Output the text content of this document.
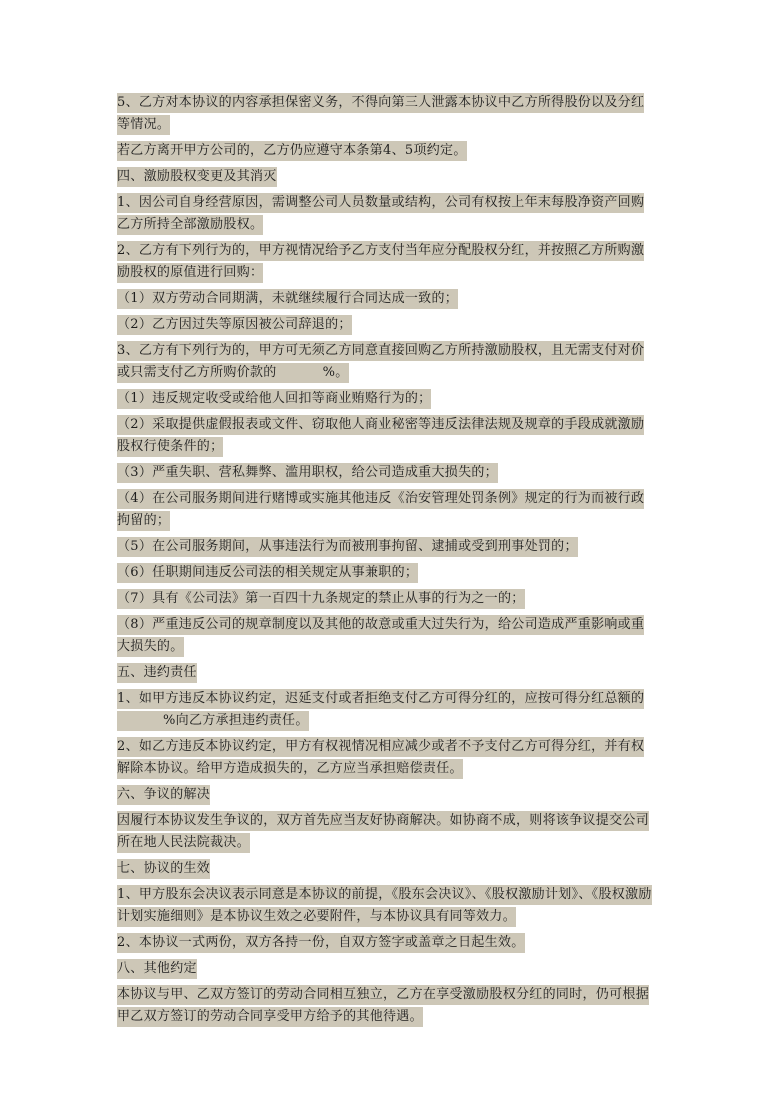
5、乙方对本协议的内容承担保密义务，不得向第三人泄露本协议中乙方所得股份以及分红等情况。

若乙方离开甲方公司的，乙方仍应遵守本条第4、5项约定。

四、激励股权变更及其消灭

1、因公司自身经营原因，需调整公司人员数量或结构，公司有权按上年末每股净资产回购乙方所持全部激励股权。

2、乙方有下列行为的，甲方视情况给予乙方支付当年应分配股权分红，并按照乙方所购激励股权的原值进行回购：

（1）双方劳动合同期满，未就继续履行合同达成一致的；

（2）乙方因过失等原因被公司辞退的；

3、乙方有下列行为的，甲方可无须乙方同意直接回购乙方所持激励股权，且无需支付对价或只需支付乙方所购价款的	%。

（1）违反规定收受或给他人回扣等商业贿赂行为的；

（2）采取提供虚假报表或文件、窃取他人商业秘密等违反法律法规及规章的手段成就激励股权行使条件的；

（3）严重失职、营私舞弊、滥用职权，给公司造成重大损失的；

（4）在公司服务期间进行赌博或实施其他违反《治安管理处罚条例》规定的行为而被行政拘留的；

（5）在公司服务期间，从事违法行为而被刑事拘留、逮捕或受到刑事处罚的；

（6）任职期间违反公司法的相关规定从事兼职的；

（7）具有《公司法》第一百四十九条规定的禁止从事的行为之一的；

（8）严重违反公司的规章制度以及其他的故意或重大过失行为，给公司造成严重影响或重大损失的。

五、违约责任

1、如甲方违反本协议约定，迟延支付或者拒绝支付乙方可得分红的，应按可得分红总额的%向乙方承担违约责任。

2、如乙方违反本协议约定，甲方有权视情况相应减少或者不予支付乙方可得分红，并有权解除本协议。给甲方造成损失的，乙方应当承担赔偿责任。

六、争议的解决

因履行本协议发生争议的，双方首先应当友好协商解决。如协商不成，则将该争议提交公司所在地人民法院裁决。

七、协议的生效

1、甲方股东会决议表示同意是本协议的前提，《股东会决议》、《股权激励计划》、《股权激励计划实施细则》是本协议生效之必要附件，与本协议具有同等效力。

2、本协议一式两份，双方各持一份，自双方签字或盖章之日起生效。

八、其他约定

本协议与甲、乙双方签订的劳动合同相互独立，乙方在享受激励股权分红的同时，仍可根据甲乙双方签订的劳动合同享受甲方给予的其他待遇。
